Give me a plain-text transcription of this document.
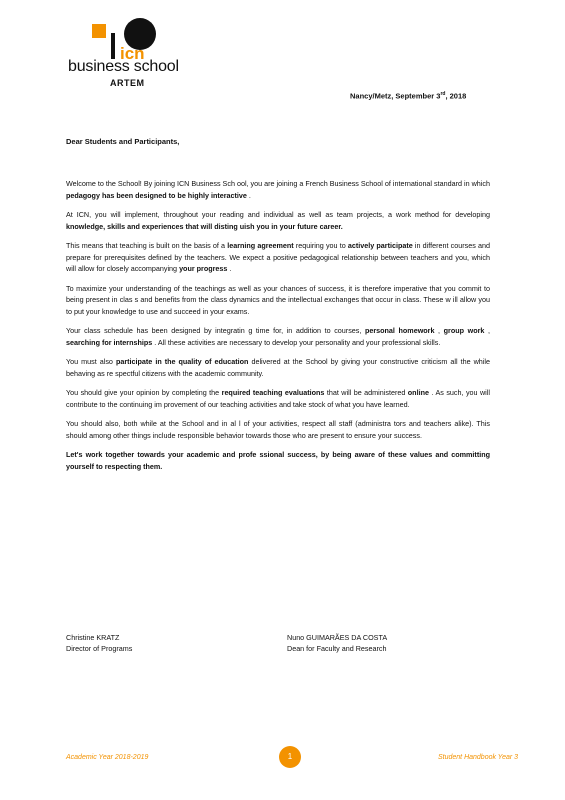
icn
business school
ARTEM
Nancy/Metz, September 3rd, 2018
Dear Students and Participants,

Welcome to the School! By joining ICN Business Sch ool, you are joining a French Business School of international standard in which pedagogy has been designed to be highly interactive .

At ICN, you will implement, throughout your reading and individual as well as team projects, a work method for developing knowledge, skills and experiences that will disting uish you in your future career.

This means that teaching is built on the basis of a learning agreement requiring you to actively participate in different courses and prepare for prerequisites defined by the teachers. We expect a positive pedagogical relationship between teachers and you, which will allow for closely accompanying your progress .

To maximize your understanding of the teachings as well as your chances of success, it is therefore imperative that you commit to being present in clas s and benefits from the class dynamics and the intellectual exchanges that occur in class. These w ill allow you to put your knowledge to use and succeed in your exams.

Your class schedule has been designed by integratin g time for, in addition to courses, personal homework , group work , searching for internships . All these activities are necessary to develop your personality and your professional skills.

You must also participate in the quality of education delivered at the School by giving your constructive criticism all the while behaving as re spectful citizens with the academic community.

You should give your opinion by completing the required teaching evaluations that will be administered online . As such, you will contribute to the continuing im provement of our teaching activities and take stock of what you have learned.

You should also, both while at the School and in al l of your activities, respect all staff (administra tors and teachers alike). This should among other things include responsible behavior towards those who are present to ensure your success.

Let's work together towards your academic and profe ssional success, by being aware of these values and committing yourself to respecting them.

Christine KRATZ
Director of Programs
Nuno GUIMARÃES DA COSTA
Dean for Faculty and Research
Academic Year 2018-2019	1	Student Handbook Year 3
